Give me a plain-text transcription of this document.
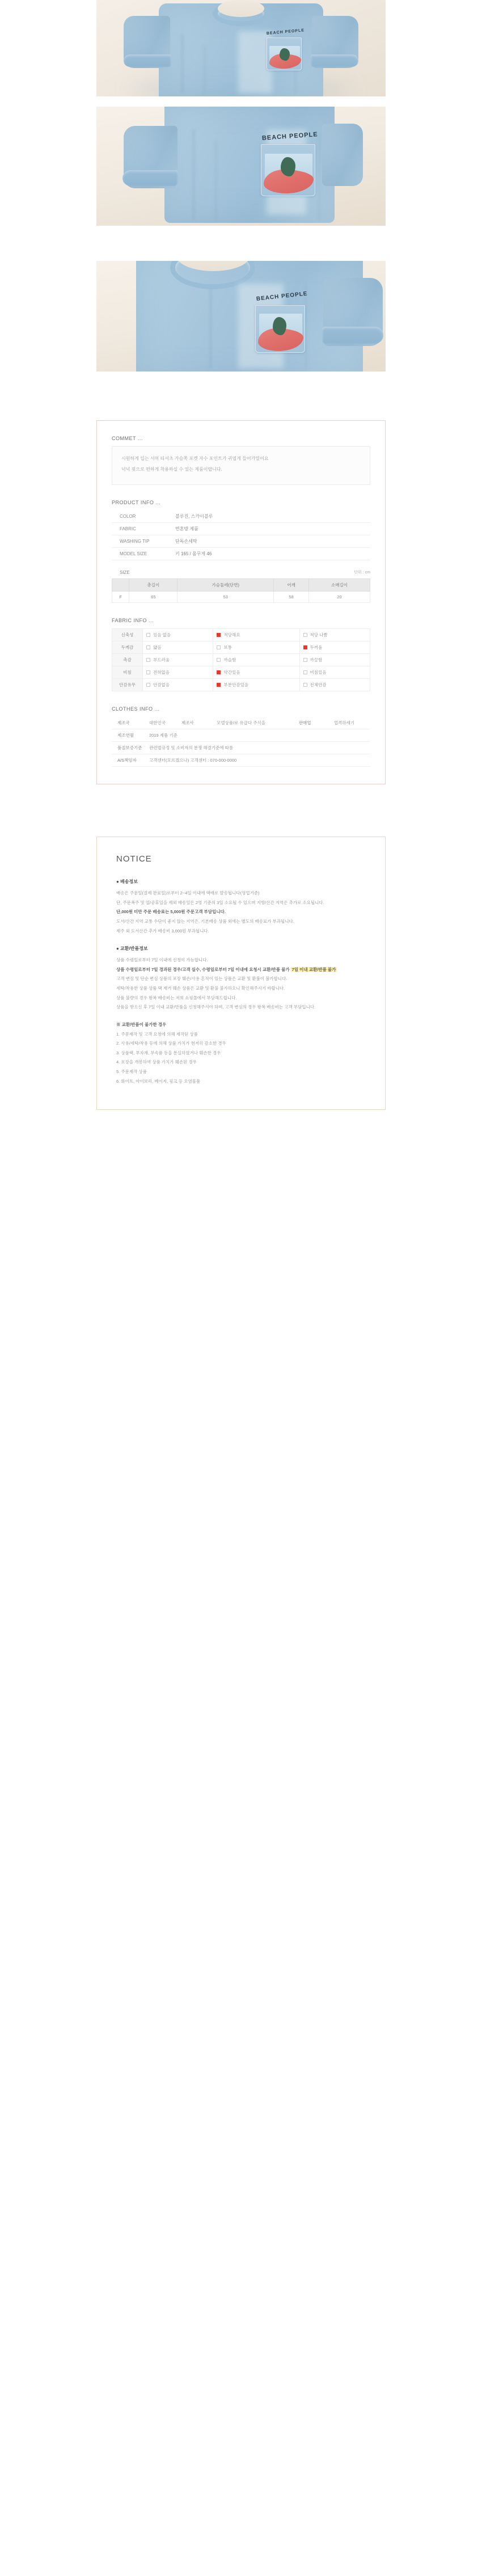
BEACH PEOPLE
BEACH PEOPLE
BEACH PEOPLE
COMMET ...

시원하게 입는 서머 티셔츠 가슴쪽 포켓 자수 포인트가 귀엽게 들어가있어요

넉넉 핏으로 편하게 착용하실 수 있는 제품이랍니다.

PRODUCT INFO ...
COLOR	블루진, 스카이블루
FABRIC	면혼방 제품
WASHING TIP	단독손세탁
MODEL SIZE	키 165 / 몸무게 46
SIZE	단위 : cm
	총길이	가슴둘레(단면)	어깨	소매길이
F	65	53	58	20
FABRIC INFO ...
신축성	있음 없음	적당해요	적당 나쁨
두께감	얇음	보통	두꺼움
촉감	부드러움	까슬함	까끌함
비침	전혀없음	약간있음	비침있음
안감유무	안감없음	부분안감있음	전체안감
CLOTHES INFO ...
제조국	대한민국	제조사	모델상품/로 유급다 주식을	판매업	업격하세기
제조연월	2019 제품 기준				
품질보증기준	관련법규정 및 소비자의 분쟁 해결기준에 따름				
A/S책임자	고객센터(모르겠으나) 고객센터 : 070-000-0000				
NOTICE
● 배송정보

배송은 주문일(결제 완료일)로부터 2~4일 이내에 택배로 발송됩니다(영업기준)

단, 주문폭주 및 일/공휴일을 제외 배송일은 2영 기준의 3일 소요될 수 있으며 지방/산간 지역은 추가로 소요됩니다.

단,000원 미만 주문 배송료는 5,000원 주문고객 부담입니다.

도서/산간 지역 교통 수단이 좋지 않는 지역은, 기본배송 상품 외에는 별도의 배송료가 부과됩니다.

제주 외 도서산간 추가 배송비 3,000원 부과됩니다.

● 교환/반품정보

상품 수령일로부터 7일 이내에 신청이 가능합니다.

상품 수령일로부터 7일 경과된 경우/고객 실수, 수령일로부터 7일 이내에 요청시 교환/반품 불가 7일 이내 교환/반품 불가

고객 변심 및 단순 변심 상품의 포장 훼손/사용 흔적이 있는 상품은 교환 및 환불이 불가합니다.

세탁/착용한 상품 상품 택 제거 훼손 상품은 교환 및 환불 불가하오니 확인해주시기 바랍니다.

상품 불량의 경우 왕복 배송비는 저희 쇼핑몰에서 부담해드립니다.

상품을 받으신 후 7일 이내 교환/반품을 신청해주셔야 하며, 고객 변심의 경우 왕복 배송비는 고객 부담입니다.

※ 교환/반품이 불가한 경우

1. 주문제작 및 고객 요청에 의해 제작된 상품

2. 사용/세탁/착용 등에 의해 상품 가치가 현저히 감소한 경우

3. 상품택, 부자재, 부속품 등을 분실하였거나 훼손한 경우

4. 포장을 개봉하여 상품 가치가 훼손된 경우

5. 주문제작 상품

6. 화이트, 아이보리, 베이지, 핑크 등 오염물품
